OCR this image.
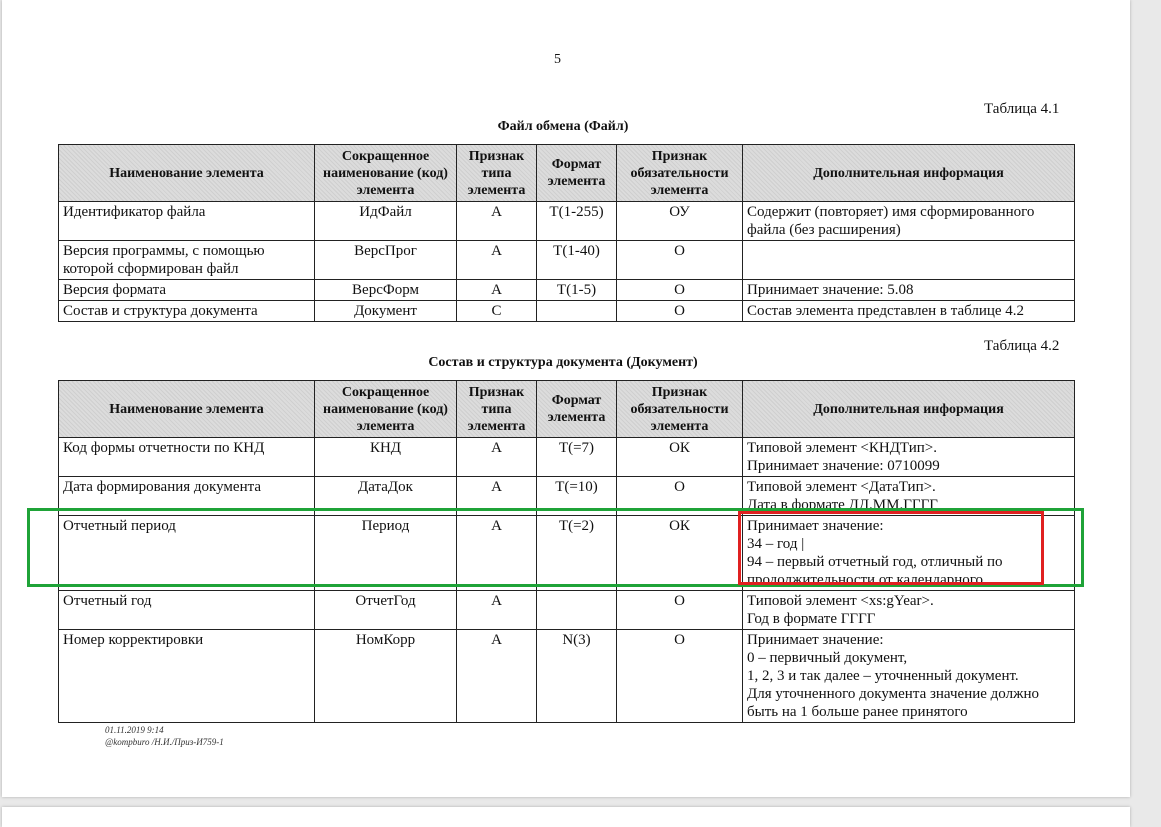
5
Таблица 4.1
Файл обмена (Файл)
Наименование элемента	Сокращенное наименование (код) элемента	Признак типа элемента	Формат элемента	Признак обязательности элемента	Дополнительная информация
Идентификатор файла	ИдФайл	А	T(1-255)	ОУ	Содержит (повторяет) имя сформированного файла (без расширения)
Версия программы, с помощью которой сформирован файл	ВерсПрог	А	T(1-40)	О	
Версия формата	ВерсФорм	А	T(1-5)	О	Принимает значение: 5.08
Состав и структура документа	Документ	С		О	Состав элемента представлен в таблице 4.2
Таблица 4.2
Состав и структура документа (Документ)
Наименование элемента	Сокращенное наименование (код) элемента	Признак типа элемента	Формат элемента	Признак обязательности элемента	Дополнительная информация
Код формы отчетности по КНД	КНД	А	T(=7)	ОК	Типовой элемент <КНДТип>.
Принимает значение: 0710099
Дата формирования документа	ДатаДок	А	T(=10)	О	Типовой элемент <ДатаТип>.
Дата в формате ДД.ММ.ГГГГ
Отчетный период	Период	А	T(=2)	ОК	Принимает значение:
34 – год |
94 – первый отчетный год, отличный по продолжительности от календарного
Отчетный год	ОтчетГод	А		О	Типовой элемент <xs:gYear>.
Год в формате ГГГГ
Номер корректировки	НомКорр	А	N(3)	О	Принимает значение:
0 – первичный документ,
1, 2, 3 и так далее – уточненный документ.
Для уточненного документа значение должно быть на 1 больше ранее принятого
01.11.2019 9:14
@kompburo /Н.И./Приз-И759-1
